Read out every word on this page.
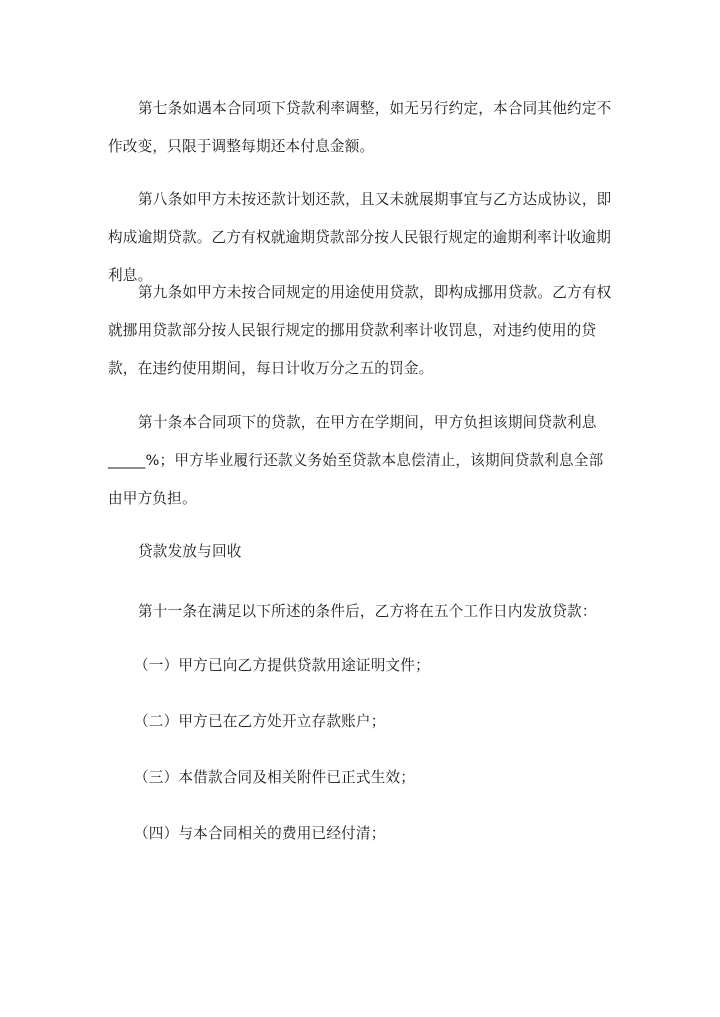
第七条如遇本合同项下贷款利率调整，如无另行约定，本合同其他约定不作改变，只限于调整每期还本付息金额。

第八条如甲方未按还款计划还款，且又未就展期事宜与乙方达成协议，即构成逾期贷款。乙方有权就逾期贷款部分按人民银行规定的逾期利率计收逾期利息。

第九条如甲方未按合同规定的用途使用贷款，即构成挪用贷款。乙方有权就挪用贷款部分按人民银行规定的挪用贷款利率计收罚息，对违约使用的贷款，在违约使用期间，每日计收万分之五的罚金。

第十条本合同项下的贷款，在甲方在学期间，甲方负担该期间贷款利息_____%；甲方毕业履行还款义务始至贷款本息偿清止，该期间贷款利息全部由甲方负担。

贷款发放与回收

第十一条在满足以下所述的条件后，乙方将在五个工作日内发放贷款：

（一）甲方已向乙方提供贷款用途证明文件；

（二）甲方已在乙方处开立存款账户；

（三）本借款合同及相关附件已正式生效；

（四）与本合同相关的费用已经付清；
